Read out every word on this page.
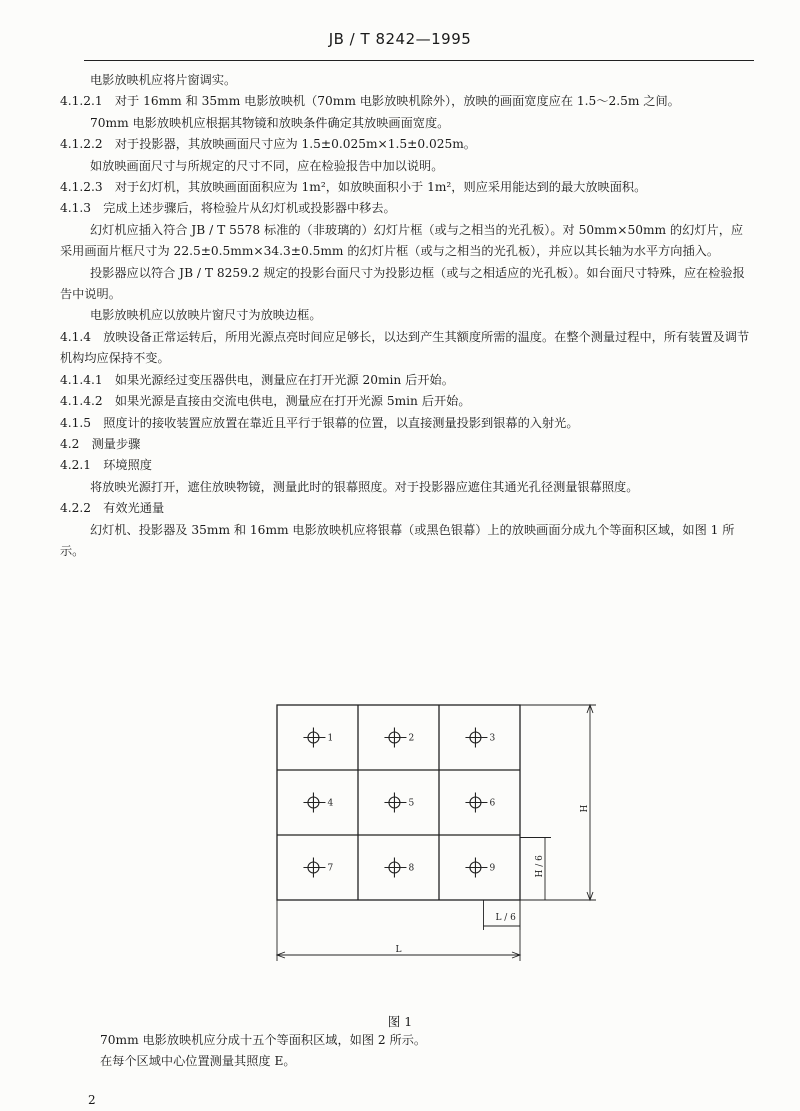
JB / T 8242—1995

电影放映机应将片窗调实。

4.1.2.1　对于 16mm 和 35mm 电影放映机（70mm 电影放映机除外），放映的画面宽度应在 1.5～2.5m 之间。

70mm 电影放映机应根据其物镜和放映条件确定其放映画面宽度。

4.1.2.2　对于投影器，其放映画面尺寸应为 1.5±0.025m×1.5±0.025m。

如放映画面尺寸与所规定的尺寸不同，应在检验报告中加以说明。

4.1.2.3　对于幻灯机，其放映画面面积应为 1m²，如放映面积小于 1m²，则应采用能达到的最大放映面积。

4.1.3　完成上述步骤后，将检验片从幻灯机或投影器中移去。

幻灯机应插入符合 JB / T 5578 标准的（非玻璃的）幻灯片框（或与之相当的光孔板）。对 50mm×50mm 的幻灯片，应采用画面片框尺寸为 22.5±0.5mm×34.3±0.5mm 的幻灯片框（或与之相当的光孔板），并应以其长轴为水平方向插入。

投影器应以符合 JB / T 8259.2 规定的投影台面尺寸为投影边框（或与之相适应的光孔板）。如台面尺寸特殊，应在检验报告中说明。

电影放映机应以放映片窗尺寸为放映边框。

4.1.4　放映设备正常运转后，所用光源点亮时间应足够长，以达到产生其额度所需的温度。在整个测量过程中，所有装置及调节机构均应保持不变。

4.1.4.1　如果光源经过变压器供电，测量应在打开光源 20min 后开始。

4.1.4.2　如果光源是直接由交流电供电，测量应在打开光源 5min 后开始。

4.1.5　照度计的接收装置应放置在靠近且平行于银幕的位置，以直接测量投影到银幕的入射光。

4.2　测量步骤

4.2.1　环境照度

将放映光源打开，遮住放映物镜，测量此时的银幕照度。对于投影器应遮住其通光孔径测量银幕照度。

4.2.2　有效光通量

幻灯机、投影器及 35mm 和 16mm 电影放映机应将银幕（或黑色银幕）上的放映画面分成九个等面积区域，如图 1 所示。

1	2	3
4	5	6
7	8	9
H
H / 6
L / 6
L
图 1

70mm 电影放映机应分成十五个等面积区域，如图 2 所示。

在每个区域中心位置测量其照度 E。

2
